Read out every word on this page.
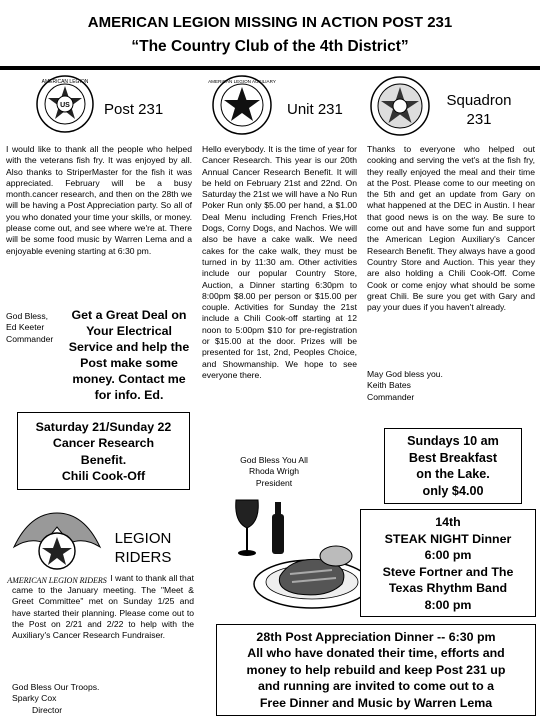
AMERICAN LEGION MISSING IN ACTION POST 231
“The Country Club of the 4th District”
US
AMERICAN LEGION
Post 231
I would like to thank all the people who helped with the veterans fish fry. It was enjoyed by all. Also thanks to StriperMaster for the fish it was appreciated. February will be a busy month.cancer research, and then on the 28th we will be having a Post Appreciation party. So all of you who donated your time your skills, or money. please come out, and see where we're at. There will be some food music by Warren Lema and a enjoyable evening starting at 6:30 pm.
God Bless,
Ed Keeter
Commander
Get a Great Deal on Your Electrical Service and help the Post make some money. Contact me for info. Ed.
Saturday 21/Sunday 22
Cancer Research
Benefit.
Chili Cook-Off
AMERICAN LEGION AUXILIARY
Unit 231
Hello everybody. It is the time of year for Cancer Research. This year is our 20th Annual Cancer Research Benefit. It will be held on February 21st and 22nd. On Saturday the 21st we will have a No Run Poker Run only $5.00 per hand, a $1.00 Deal Menu including French Fries,Hot Dogs, Corny Dogs, and Nachos. We will also be have a cake walk. We need cakes for the cake walk, they must be turned in by 11:30 am. Other activities include our popular Country Store, Auction, a Dinner starting 6:30pm to 8:00pm $8.00 per person or $15.00 per couple. Activities for Sunday the 21st include a Chili Cook-off starting at 12 noon to 5:00pm $10 for pre-registration or $15.00 at the door. Prizes will be presented for 1st, 2nd, Peoples Choice, and Showmanship. We hope to see everyone there.
God Bless You All
Rhoda Wrigh
President
Squadron
231
Thanks to everyone who helped out cooking and serving the vet's at the fish fry, they really enjoyed the meal and their time at the Post. Please come to our meeting on the 5th and get an update from Gary on what happened at the DEC in Austin. I hear that good news is on the way. Be sure to come out and have some fun and support the American Legion Auxiliary's Cancer Research Benefit. They always have a good Country Store and Auction. This year they are also holding a Chili Cook-Off. Come Cook or come enjoy what should be some great Chili. Be sure you get with Gary and pay your dues if you haven't already.
May God bless you.
Keith Bates
Commander
Sundays 10 am
Best Breakfast
on the Lake.
only $4.00
14th
STEAK NIGHT Dinner
6:00 pm
Steve Fortner and The
Texas Rhythm Band
8:00 pm
AMERICAN LEGION RIDERS
LEGION
RIDERS
I want to thank all that
came to the January meeting. The "Meet & Greet Committee" met on Sunday 1/25 and have started their planning. Please come out to the Post on 2/21 and 2/22 to help with the Auxiliary's Cancer Research Fundraiser.
God Bless Our Troops.
Sparky Cox
Director
28th Post Appreciation Dinner -- 6:30 pm
All who have donated their time, efforts and
money to help rebuild and keep Post 231 up
and running are invited to come out to a
Free Dinner and Music by Warren Lema
